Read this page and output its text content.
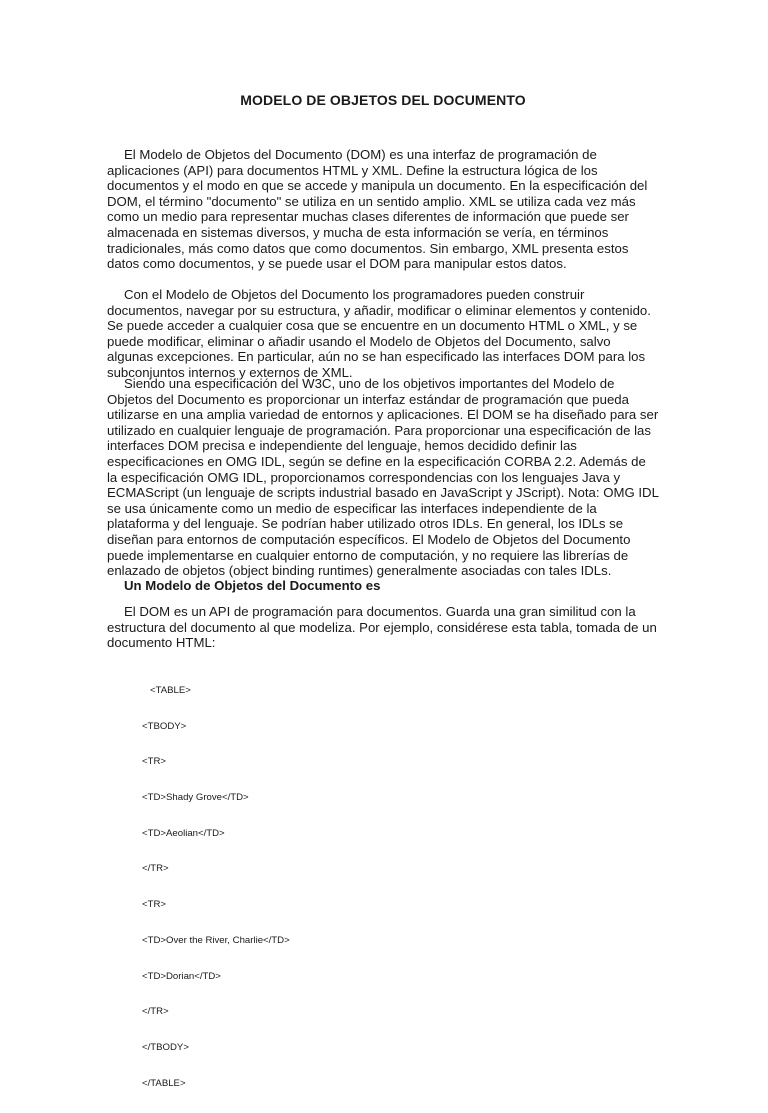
MODELO DE OBJETOS DEL DOCUMENTO

El Modelo de Objetos del Documento (DOM) es una interfaz de programación de aplicaciones (API) para documentos HTML y XML. Define la estructura lógica de los documentos y el modo en que se accede y manipula un documento. En la especificación del DOM, el término "documento" se utiliza en un sentido amplio. XML se utiliza cada vez más como un medio para representar muchas clases diferentes de información que puede ser almacenada en sistemas diversos, y mucha de esta información se vería, en términos tradicionales, más como datos que como documentos. Sin embargo, XML presenta estos datos como documentos, y se puede usar el DOM para manipular estos datos.

Con el Modelo de Objetos del Documento los programadores pueden construir documentos, navegar por su estructura, y añadir, modificar o eliminar elementos y contenido. Se puede acceder a cualquier cosa que se encuentre en un documento HTML o XML, y se puede modificar, eliminar o añadir usando el Modelo de Objetos del Documento, salvo algunas excepciones. En particular, aún no se han especificado las interfaces DOM para los subconjuntos internos y externos de XML.

Siendo una especificación del W3C, uno de los objetivos importantes del Modelo de Objetos del Documento es proporcionar un interfaz estándar de programación que pueda utilizarse en una amplia variedad de entornos y aplicaciones. El DOM se ha diseñado para ser utilizado en cualquier lenguaje de programación. Para proporcionar una especificación de las interfaces DOM precisa e independiente del lenguaje, hemos decidido definir las especificaciones en OMG IDL, según se define en la especificación CORBA 2.2. Además de la especificación OMG IDL, proporcionamos correspondencias con los lenguajes Java y ECMAScript (un lenguaje de scripts industrial basado en JavaScript y JScript). Nota: OMG IDL se usa únicamente como un medio de especificar las interfaces independiente de la plataforma y del lenguaje. Se podrían haber utilizado otros IDLs. En general, los IDLs se diseñan para entornos de computación específicos. El Modelo de Objetos del Documento puede implementarse en cualquier entorno de computación, y no requiere las librerías de enlazado de objetos (object binding runtimes) generalmente asociadas con tales IDLs.

Un Modelo de Objetos del Documento es

El DOM es un API de programación para documentos. Guarda una gran similitud con la estructura del documento al que modeliza. Por ejemplo, considérese esta tabla, tomada de un documento HTML:

<TABLE>

<TBODY>

<TR>

<TD>Shady Grove</TD>

<TD>Aeolian</TD>

</TR>

<TR>

<TD>Over the River, Charlie</TD>

<TD>Dorian</TD>

</TR>

</TBODY>

</TABLE>
